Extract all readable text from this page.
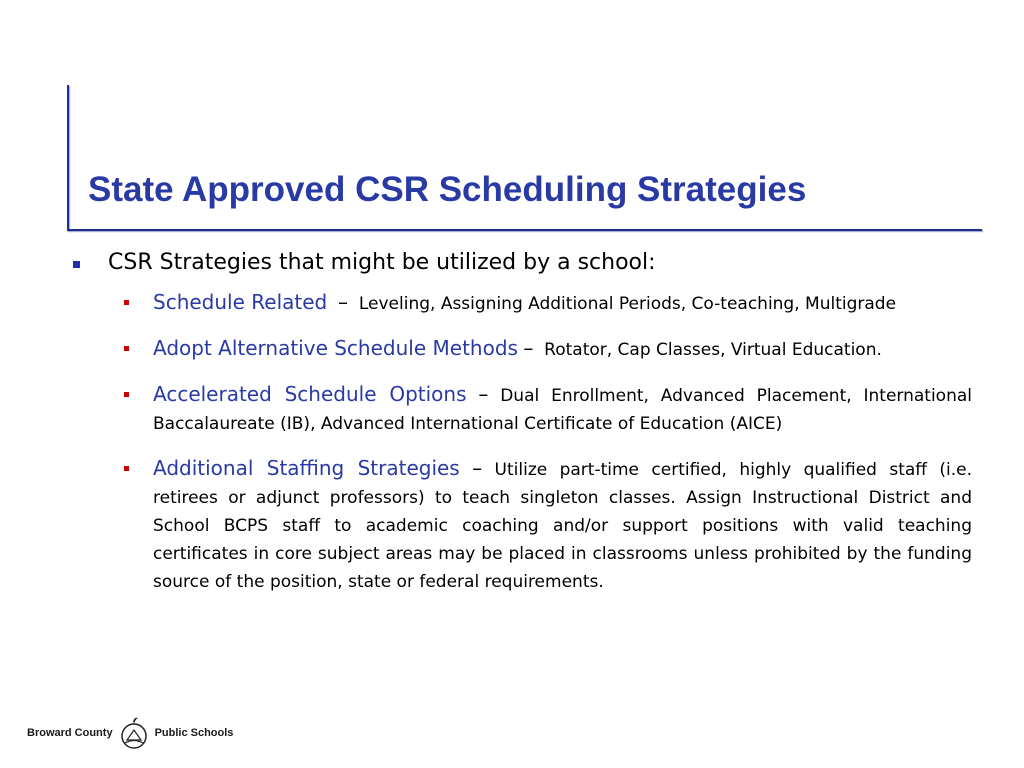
State Approved CSR Scheduling Strategies
CSR Strategies that might be utilized by a school:
Schedule Related – Leveling, Assigning Additional Periods, Co-teaching, Multigrade
Adopt Alternative Schedule Methods – Rotator, Cap Classes, Virtual Education.
Accelerated Schedule Options – Dual Enrollment, Advanced Placement, International Baccalaureate (IB), Advanced International Certificate of Education (AICE)
Additional Staffing Strategies – Utilize part-time certified, highly qualified staff (i.e. retirees or adjunct professors) to teach singleton classes. Assign Instructional District and School BCPS staff to academic coaching and/or support positions with valid teaching certificates in core subject areas may be placed in classrooms unless prohibited by the funding source of the position, state or federal requirements.
Broward County	Public Schools
